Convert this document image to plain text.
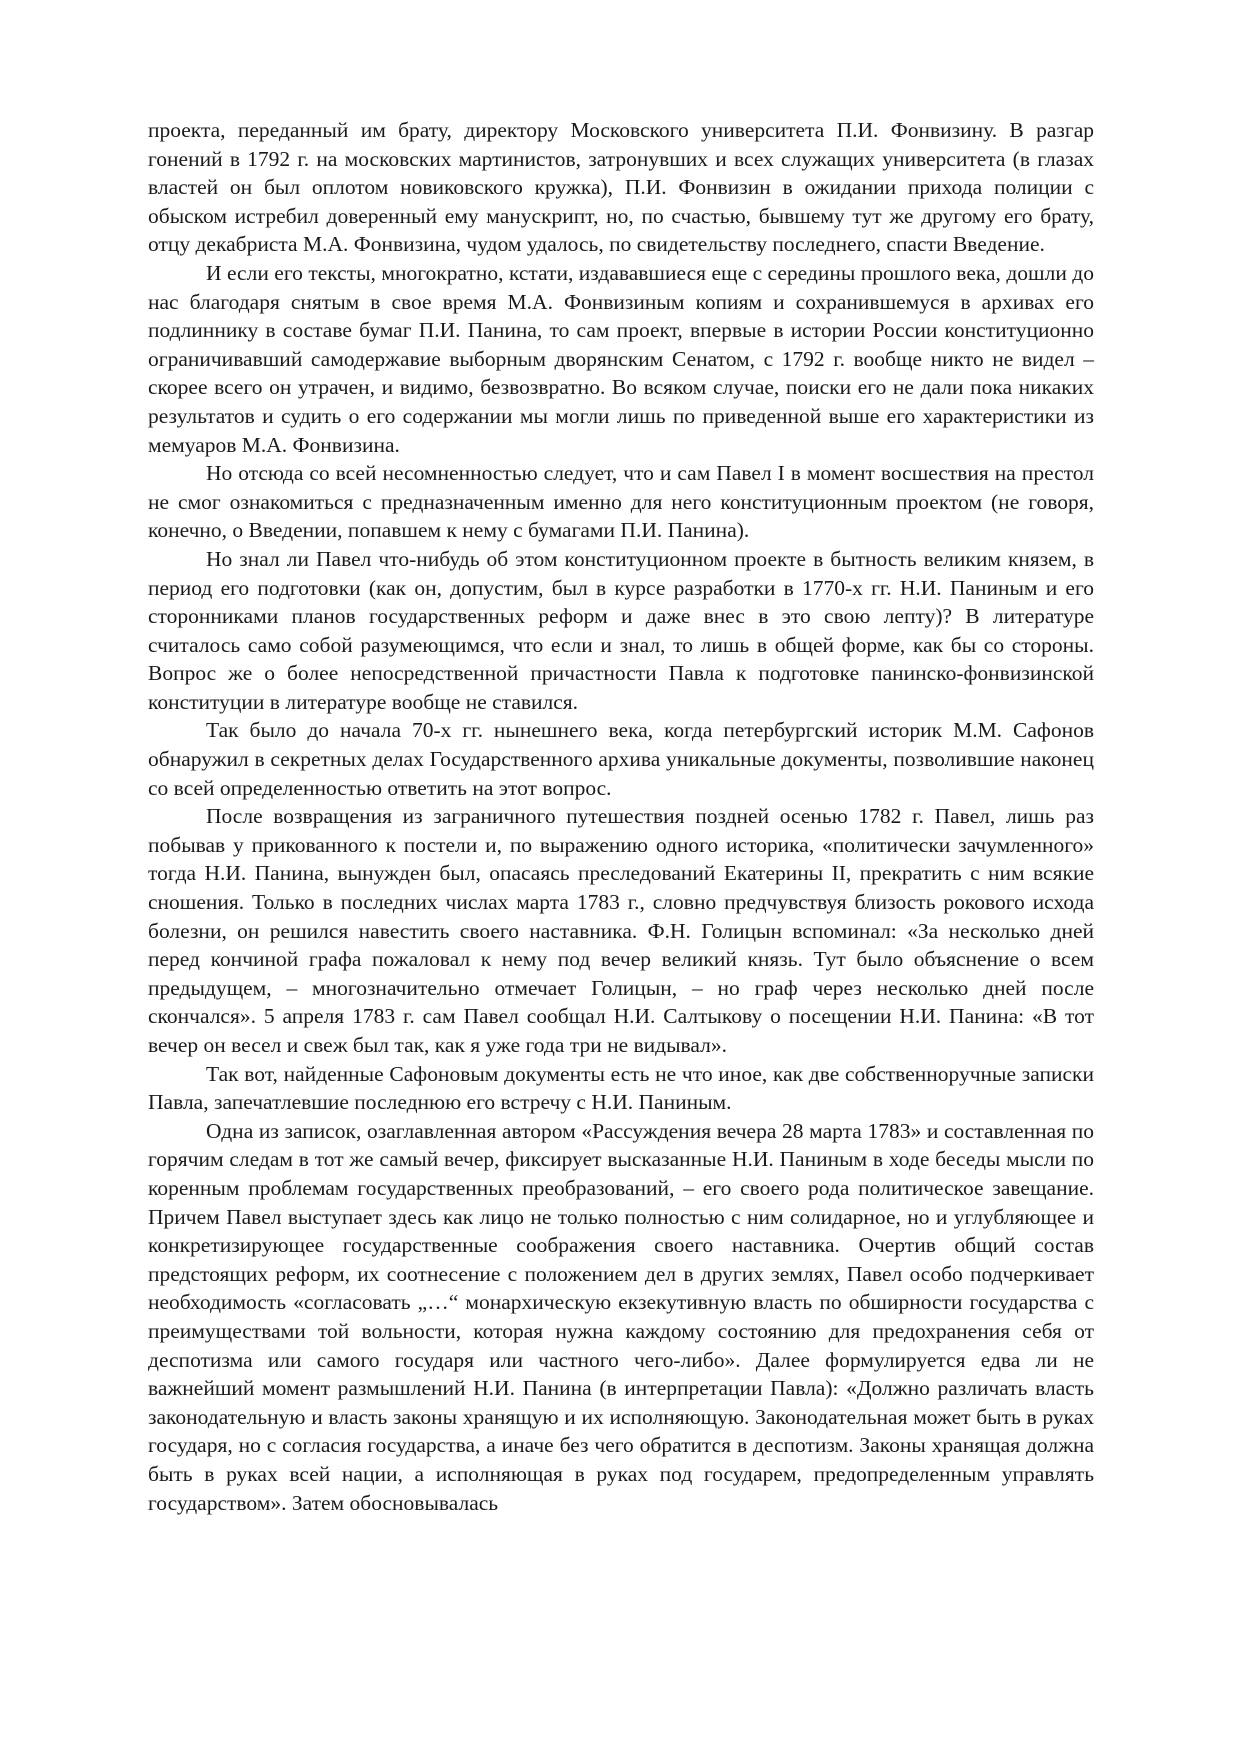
проекта, переданный им брату, директору Московского университета П.И. Фонвизину. В разгар гонений в 1792 г. на московских мартинистов, затронувших и всех служащих университета (в глазах властей он был оплотом новиковского кружка), П.И. Фонвизин в ожидании прихода полиции с обыском истребил доверенный ему манускрипт, но, по счастью, бывшему тут же другому его брату, отцу декабриста М.А. Фонвизина, чудом удалось, по свидетельству последнего, спасти Введение.

И если его тексты, многократно, кстати, издававшиеся еще с середины прошлого века, дошли до нас благодаря снятым в свое время М.А. Фонвизиным копиям и сохранившемуся в архивах его подлиннику в составе бумаг П.И. Панина, то сам проект, впервые в истории России конституционно ограничивавший самодержавие выборным дворянским Сенатом, с 1792 г. вообще никто не видел – скорее всего он утрачен, и видимо, безвозвратно. Во всяком случае, поиски его не дали пока никаких результатов и судить о его содержании мы могли лишь по приведенной выше его характеристики из мемуаров М.А. Фонвизина.

Но отсюда со всей несомненностью следует, что и сам Павел I в момент восшествия на престол не смог ознакомиться с предназначенным именно для него конституционным проектом (не говоря, конечно, о Введении, попавшем к нему с бумагами П.И. Панина).

Но знал ли Павел что-нибудь об этом конституционном проекте в бытность великим князем, в период его подготовки (как он, допустим, был в курсе разработки в 1770-х гг. Н.И. Паниным и его сторонниками планов государственных реформ и даже внес в это свою лепту)? В литературе считалось само собой разумеющимся, что если и знал, то лишь в общей форме, как бы со стороны. Вопрос же о более непосредственной причастности Павла к подготовке панинско-фонвизинской конституции в литературе вообще не ставился.

Так было до начала 70-х гг. нынешнего века, когда петербургский историк М.М. Сафонов обнаружил в секретных делах Государственного архива уникальные документы, позволившие наконец со всей определенностью ответить на этот вопрос.

После возвращения из заграничного путешествия поздней осенью 1782 г. Павел, лишь раз побывав у прикованного к постели и, по выражению одного историка, «политически зачумленного» тогда Н.И. Панина, вынужден был, опасаясь преследований Екатерины II, прекратить с ним всякие сношения. Только в последних числах марта 1783 г., словно предчувствуя близость рокового исхода болезни, он решился навестить своего наставника. Ф.Н. Голицын вспоминал: «За несколько дней перед кончиной графа пожаловал к нему под вечер великий князь. Тут было объяснение о всем предыдущем, – многозначительно отмечает Голицын, – но граф через несколько дней после скончался». 5 апреля 1783 г. сам Павел сообщал Н.И. Салтыкову о посещении Н.И. Панина: «В тот вечер он весел и свеж был так, как я уже года три не видывал».

Так вот, найденные Сафоновым документы есть не что иное, как две собственноручные записки Павла, запечатлевшие последнюю его встречу с Н.И. Паниным.

Одна из записок, озаглавленная автором «Рассуждения вечера 28 марта 1783» и составленная по горячим следам в тот же самый вечер, фиксирует высказанные Н.И. Паниным в ходе беседы мысли по коренным проблемам государственных преобразований, – его своего рода политическое завещание. Причем Павел выступает здесь как лицо не только полностью с ним солидарное, но и углубляющее и конкретизирующее государственные соображения своего наставника. Очертив общий состав предстоящих реформ, их соотнесение с положением дел в других землях, Павел особо подчеркивает необходимость «согласовать „…“ монархическую екзекутивную власть по обширности государства с преимуществами той вольности, которая нужна каждому состоянию для предохранения себя от деспотизма или самого государя или частного чего-либо». Далее формулируется едва ли не важнейший момент размышлений Н.И. Панина (в интерпретации Павла): «Должно различать власть законодательную и власть законы хранящую и их исполняющую. Законодательная может быть в руках государя, но с согласия государства, а иначе без чего обратится в деспотизм. Законы хранящая должна быть в руках всей нации, а исполняющая в руках под государем, предопределенным управлять государством». Затем обосновывалась
